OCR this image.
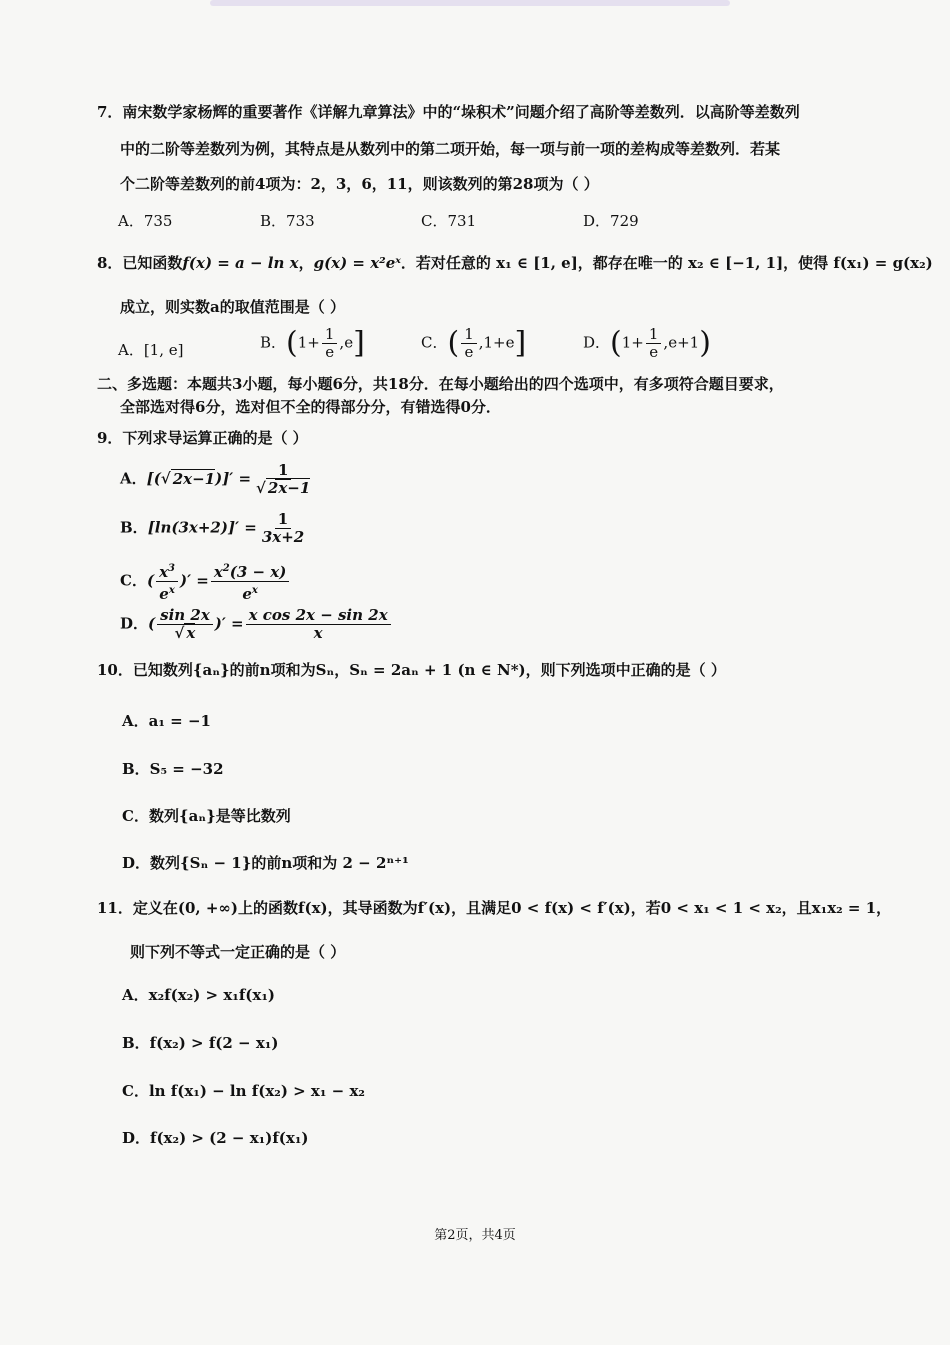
7．南宋数学家杨辉的重要著作《详解九章算法》中的“垛积术”问题介绍了高阶等差数列．以高阶等差数列
中的二阶等差数列为例，其特点是从数列中的第二项开始，每一项与前一项的差构成等差数列．若某
个二阶等差数列的前4项为：2，3，6，11，则该数列的第28项为（ ）
A．735	B．733	C．731	D．729
8．已知函数f(x) = a − ln x，g(x) = x²eˣ．若对任意的 x₁ ∈ [1, e]，都存在唯一的 x₂ ∈ [−1, 1]，使得 f(x₁) = g(x₂)
成立，则实数a的取值范围是（ ）
A．[1, e]	B．$(1+ \frac{1}{e} ,e]$	C．( $\frac{1}{e} ,1+e$]	D．$(1+ \frac{1}{e} ,e+1)$
二、多选题：本题共3小题，每小题6分，共18分．在每小题给出的四个选项中，有多项符合题目要求，
全部选对得6分，选对但不全的得部分分，有错选得0分．
9．下列求导运算正确的是（ ）
A．[(√ $2x-1)]' = \frac{1}{√ 2x-1}$
B．$[\ln(3x+2)]' = \frac{1}{3x+2}$
C．( $\frac{x^3}{e^x}$ )′ = $\frac{x^2(3 - x)}{e^x}$
D．( $\frac{\sin 2x}{√ x}$ )′ = $\frac{\text{x cos 2x − sin 2x}}{x}$
10．已知数列{aₙ}的前n项和为Sₙ，Sₙ = 2aₙ + 1 (n ∈ N*)，则下列选项中正确的是（ ）
A．a₁ = −1
B．S₅ = −32
C．数列{aₙ}是等比数列
D．数列{Sₙ − 1}的前n项和为 2 − 2ⁿ⁺¹
11．定义在(0, +∞)上的函数f(x)，其导函数为f′(x)，且满足0 < f(x) < f′(x)，若0 < x₁ < 1 < x₂，且x₁x₂ = 1，
则下列不等式一定正确的是（ ）
A．x₂f(x₂) > x₁f(x₁)
B．f(x₂) > f(2 − x₁)
C．ln f(x₁) − ln f(x₂) > x₁ − x₂
D．f(x₂) > (2 − x₁)f(x₁)
第2页，共4页
